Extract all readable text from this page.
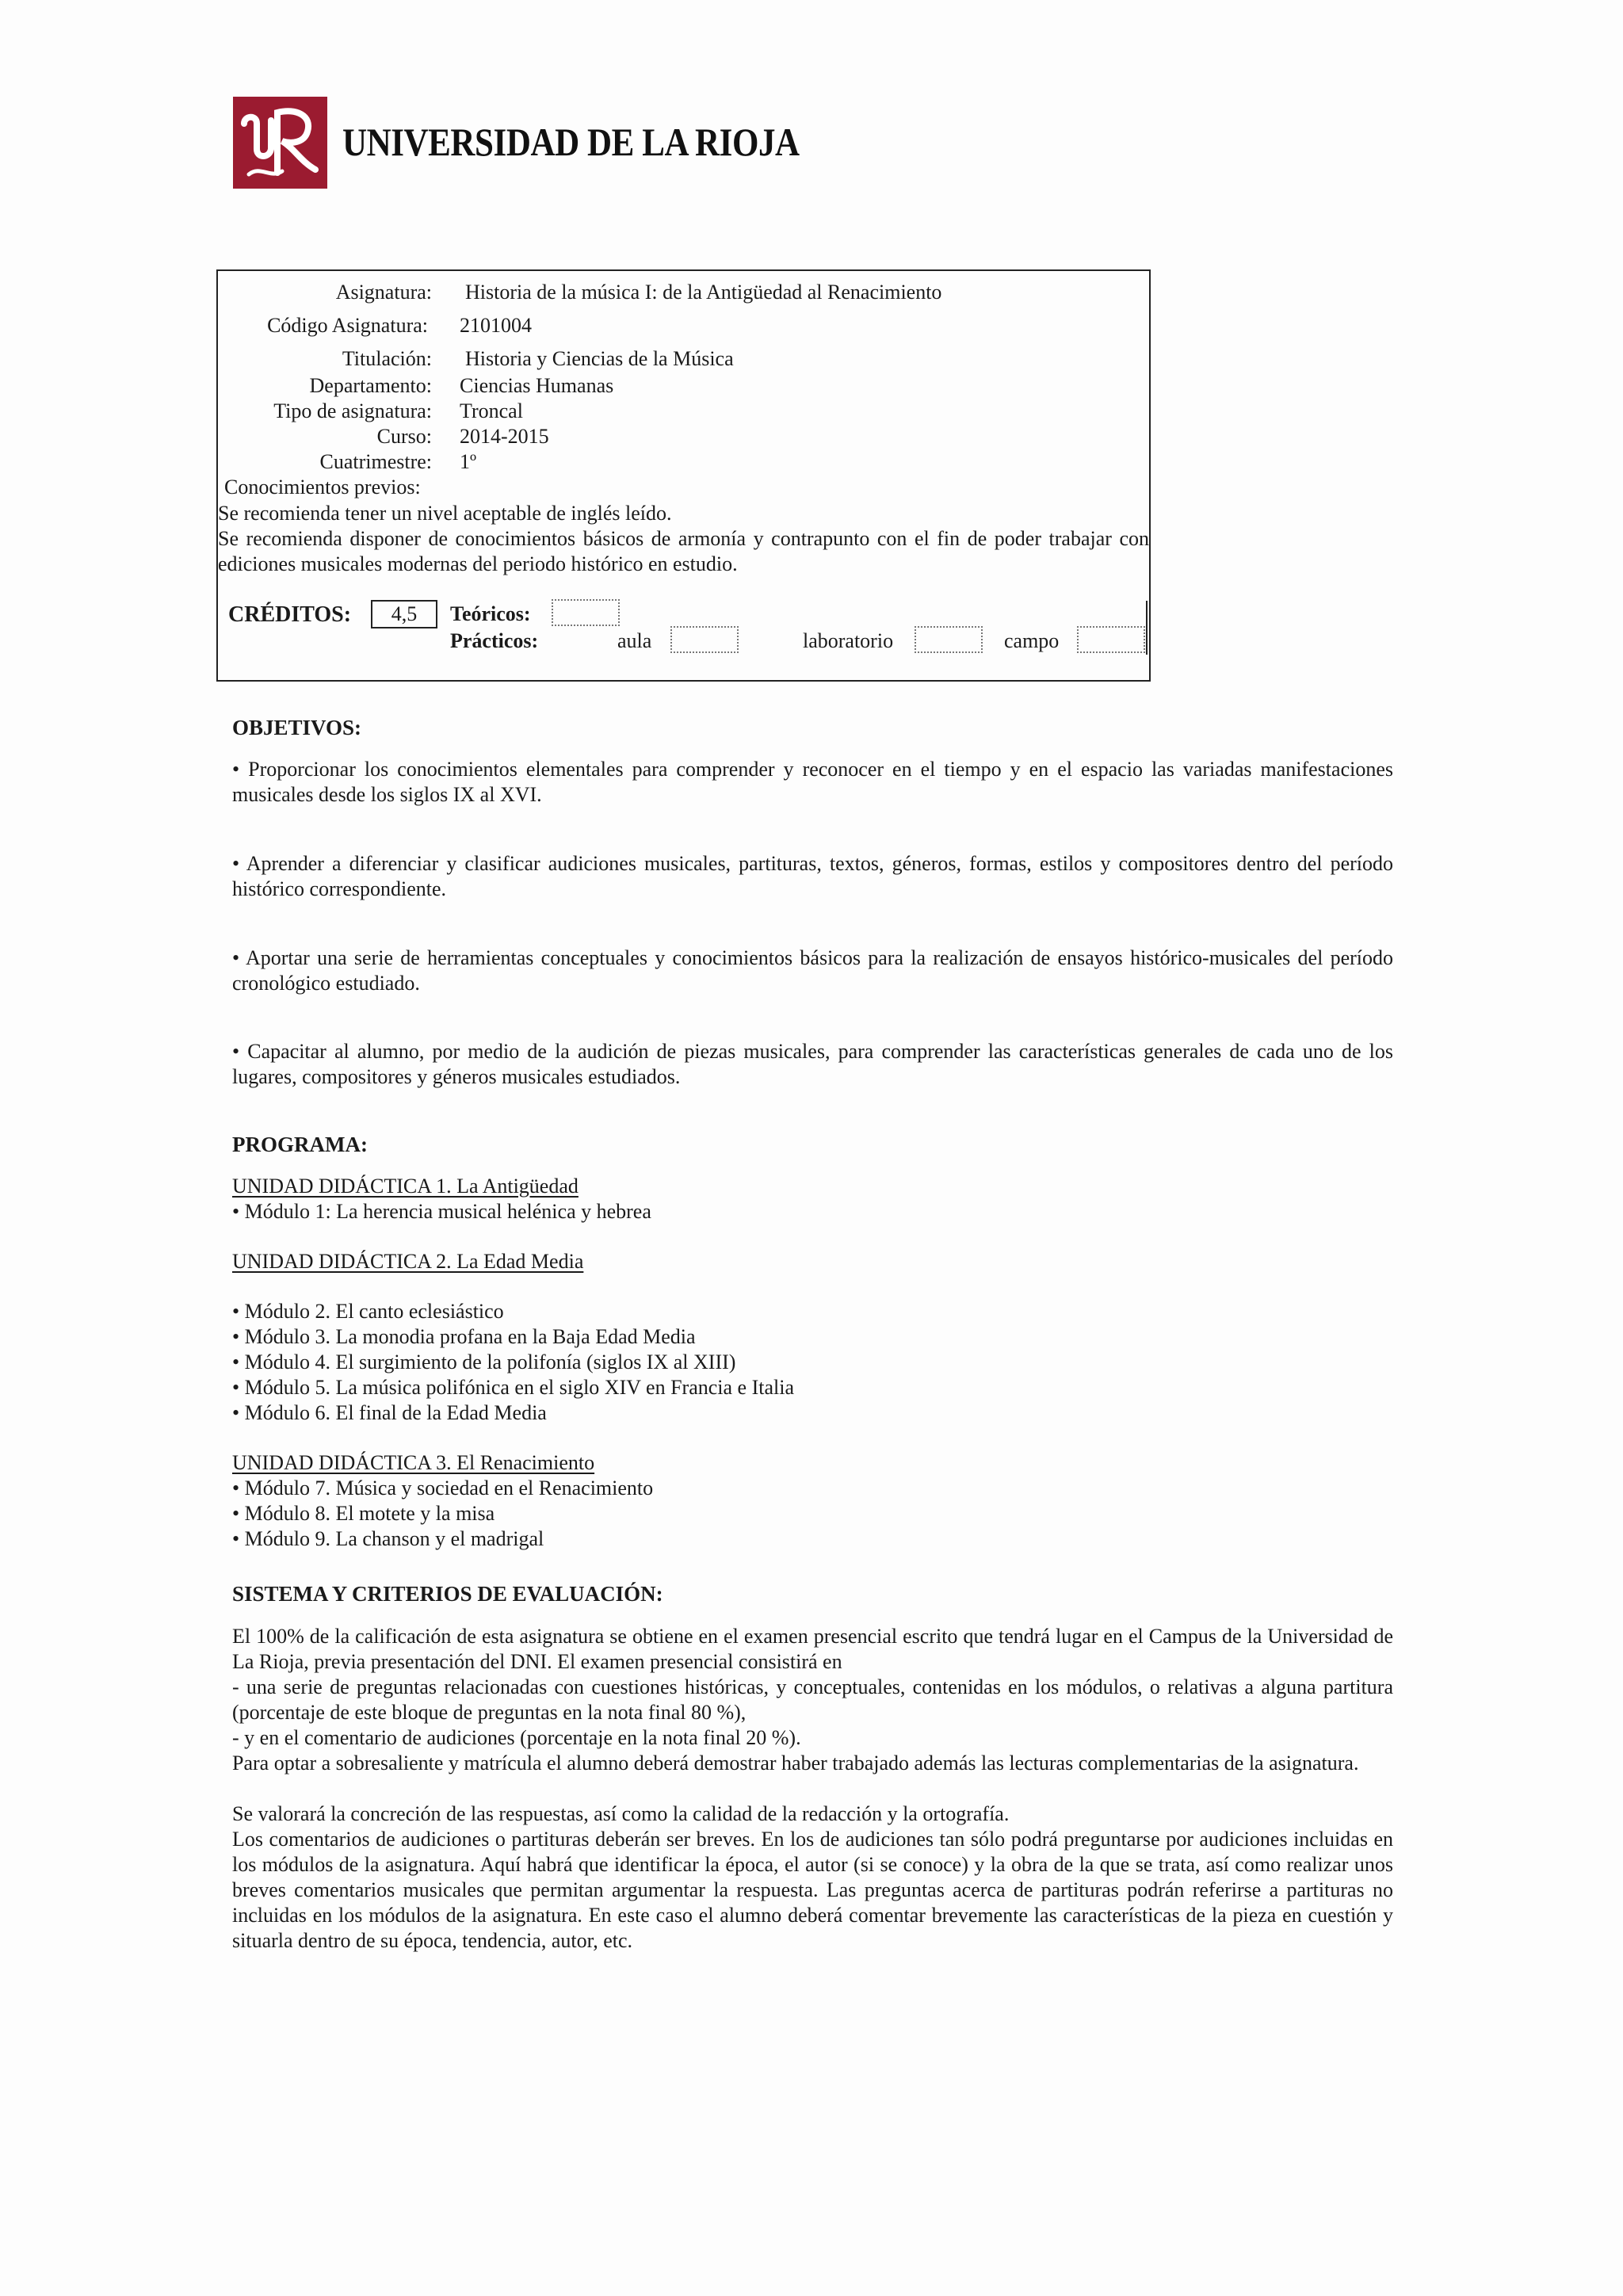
UNIVERSIDAD DE LA RIOJA
Asignatura: Historia de la música I: de la Antigüedad al Renacimiento
Código Asignatura: 2101004
Titulación: Historia y Ciencias de la Música
Departamento: Ciencias Humanas
Tipo de asignatura: Troncal
Curso: 2014-2015
Cuatrimestre: 1º
Conocimientos previos:
Se recomienda tener un nivel aceptable de inglés leído.
Se recomienda disponer de conocimientos básicos de armonía y contrapunto con el fin de poder trabajar con ediciones musicales modernas del periodo histórico en estudio.
CRÉDITOS:	4,5	Teóricos:
Prácticos:	aula	laboratorio	campo
OBJETIVOS:
• Proporcionar los conocimientos elementales para comprender y reconocer en el tiempo y en el espacio las variadas manifestaciones musicales desde los siglos IX al XVI.
• Aprender a diferenciar y clasificar audiciones musicales, partituras, textos, géneros, formas, estilos y compositores dentro del período histórico correspondiente.
• Aportar una serie de herramientas conceptuales y conocimientos básicos para la realización de ensayos histórico-musicales del período cronológico estudiado.
• Capacitar al alumno, por medio de la audición de piezas musicales, para comprender las características generales de cada uno de los lugares, compositores y géneros musicales estudiados.
PROGRAMA:
UNIDAD DIDÁCTICA 1. La Antigüedad
• Módulo 1: La herencia musical helénica y hebrea
UNIDAD DIDÁCTICA 2. La Edad Media
• Módulo 2. El canto eclesiástico
• Módulo 3. La monodia profana en la Baja Edad Media
• Módulo 4. El surgimiento de la polifonía (siglos IX al XIII)
• Módulo 5. La música polifónica en el siglo XIV en Francia e Italia
• Módulo 6. El final de la Edad Media
UNIDAD DIDÁCTICA 3. El Renacimiento
• Módulo 7. Música y sociedad en el Renacimiento
• Módulo 8. El motete y la misa
• Módulo 9. La chanson y el madrigal
SISTEMA Y CRITERIOS DE EVALUACIÓN:
El 100% de la calificación de esta asignatura se obtiene en el examen presencial escrito que tendrá lugar en el Campus de la Universidad de La Rioja, previa presentación del DNI. El examen presencial consistirá en
- una serie de preguntas relacionadas con cuestiones históricas, y conceptuales, contenidas en los módulos, o relativas a alguna partitura (porcentaje de este bloque de preguntas en la nota final 80 %),
- y en el comentario de audiciones (porcentaje en la nota final 20 %).
Para optar a sobresaliente y matrícula el alumno deberá demostrar haber trabajado además las lecturas complementarias de la asignatura.
Se valorará la concreción de las respuestas, así como la calidad de la redacción y la ortografía.
Los comentarios de audiciones o partituras deberán ser breves. En los de audiciones tan sólo podrá preguntarse por audiciones incluidas en los módulos de la asignatura. Aquí habrá que identificar la época, el autor (si se conoce) y la obra de la que se trata, así como realizar unos breves comentarios musicales que permitan argumentar la respuesta. Las preguntas acerca de partituras podrán referirse a partituras no incluidas en los módulos de la asignatura. En este caso el alumno deberá comentar brevemente las características de la pieza en cuestión y situarla dentro de su época, tendencia, autor, etc.
